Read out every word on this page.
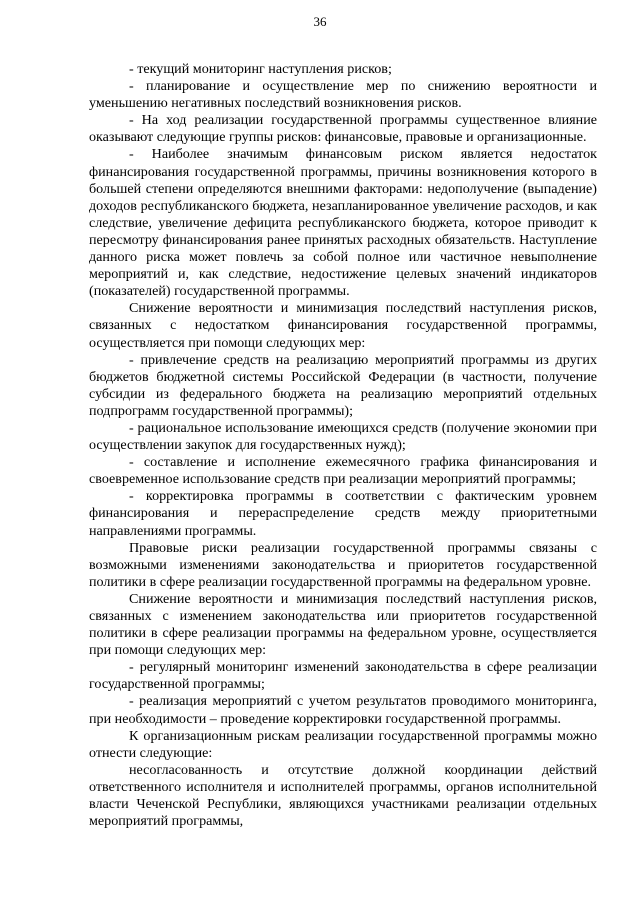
36

- текущий мониторинг наступления рисков;

- планирование и осуществление мер по снижению вероятности и уменьшению негативных последствий возникновения рисков.

- На ход реализации государственной программы существенное влияние оказывают следующие группы рисков: финансовые, правовые и организационные.

- Наиболее значимым финансовым риском является недостаток финансирования государственной программы, причины возникновения которого в большей степени определяются внешними факторами: недополучение (выпадение) доходов республиканского бюджета, незапланированное увеличение расходов, и как следствие, увеличение дефицита республиканского бюджета, которое приводит к пересмотру финансирования ранее принятых расходных обязательств. Наступление данного риска может повлечь за собой полное или частичное невыполнение мероприятий и, как следствие, недостижение целевых значений индикаторов (показателей) государственной программы.

Снижение вероятности и минимизация последствий наступления рисков, связанных с недостатком финансирования государственной программы, осуществляется при помощи следующих мер:

- привлечение средств на реализацию мероприятий программы из других бюджетов бюджетной системы Российской Федерации (в частности, получение субсидии из федерального бюджета на реализацию мероприятий отдельных подпрограмм государственной программы);

- рациональное использование имеющихся средств (получение экономии при осуществлении закупок для государственных нужд);

- составление и исполнение ежемесячного графика финансирования и своевременное использование средств при реализации мероприятий программы;

- корректировка программы в соответствии с фактическим уровнем финансирования и перераспределение средств между приоритетными направлениями программы.

Правовые риски реализации государственной программы связаны с возможными изменениями законодательства и приоритетов государственной политики в сфере реализации государственной программы на федеральном уровне.

Снижение вероятности и минимизация последствий наступления рисков, связанных с изменением законодательства или приоритетов государственной политики в сфере реализации программы на федеральном уровне, осуществляется при помощи следующих мер:

- регулярный мониторинг изменений законодательства в сфере реализации государственной программы;

- реализация мероприятий с учетом результатов проводимого мониторинга, при необходимости – проведение корректировки государственной программы.

К организационным рискам реализации государственной программы можно отнести следующие:

несогласованность и отсутствие должной координации действий ответственного исполнителя и исполнителей программы, органов исполнительной власти Чеченской Республики, являющихся участниками реализации отдельных мероприятий программы,
